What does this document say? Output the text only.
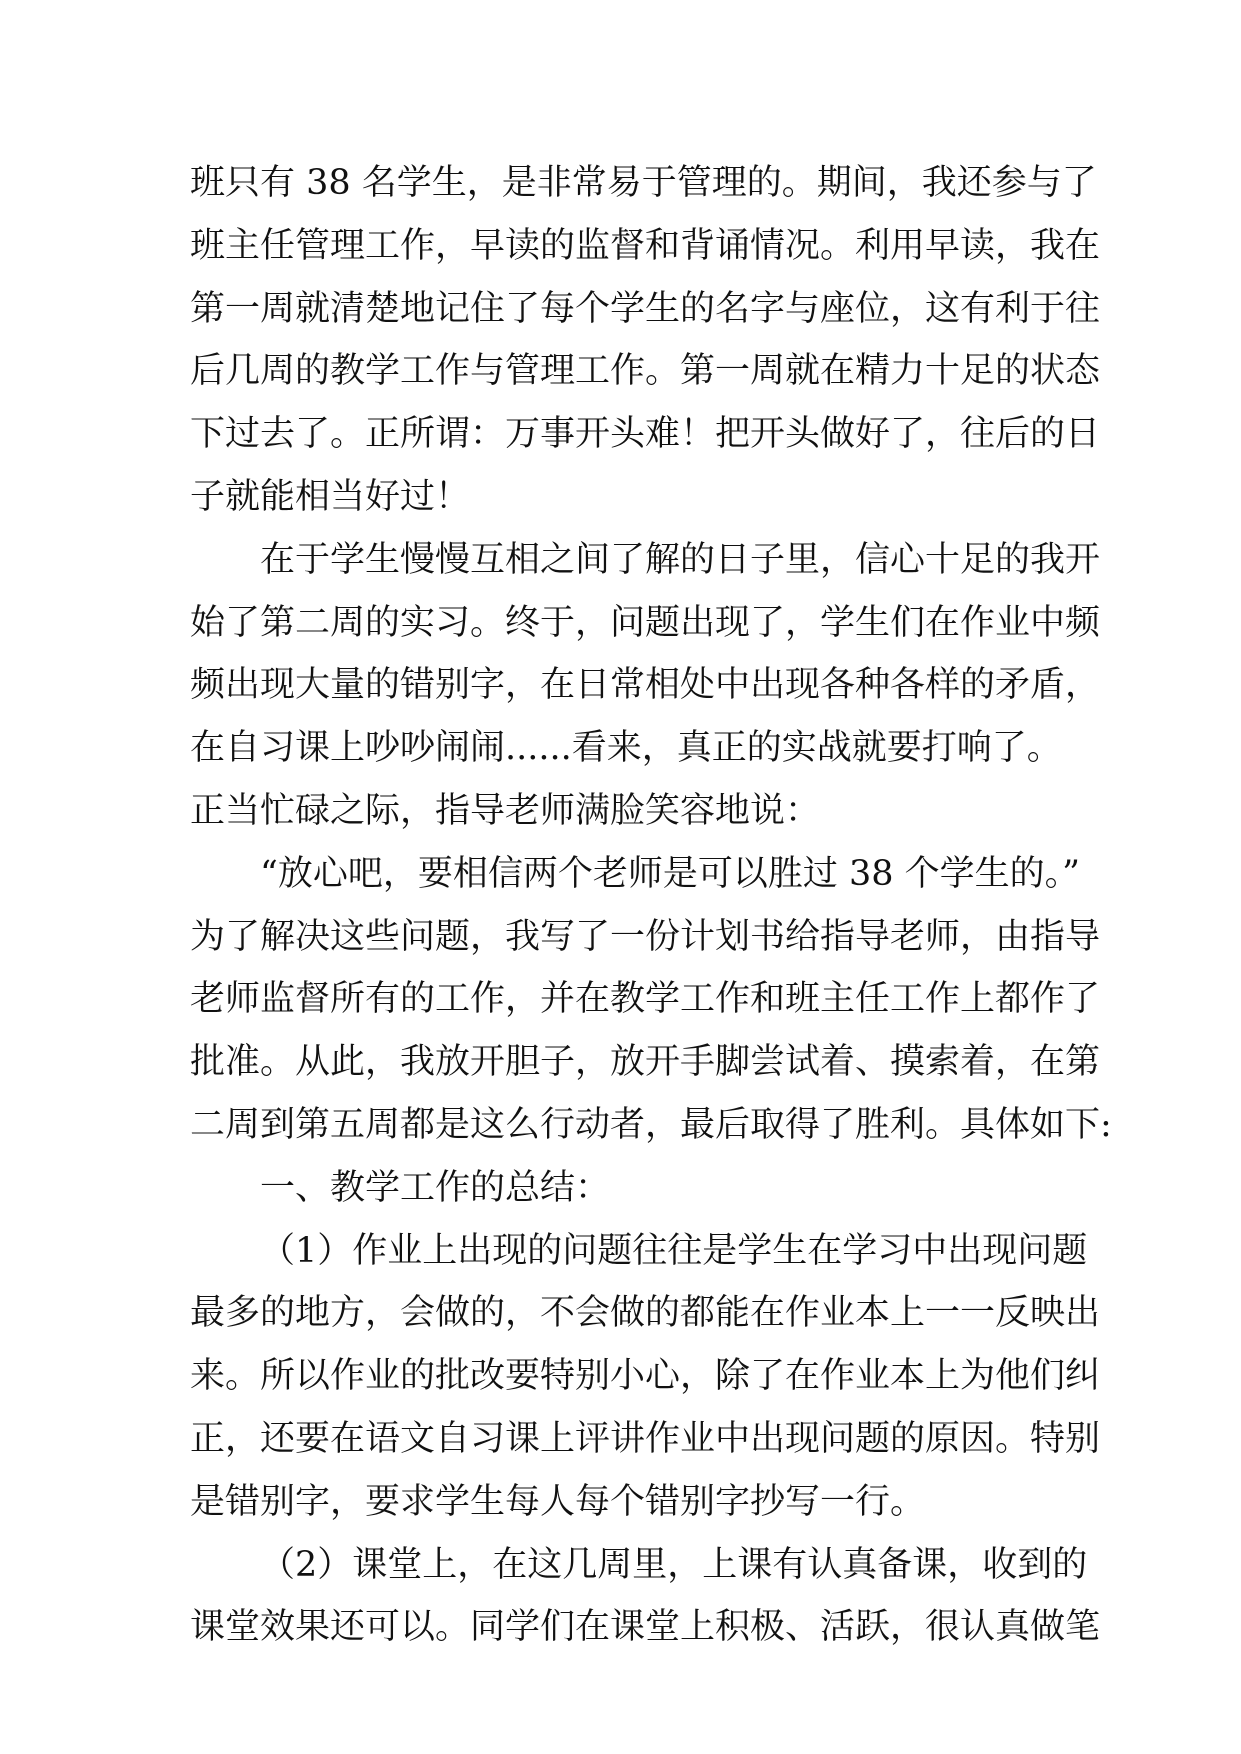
班只有 38 名学生，是非常易于管理的。期间，我还参与了
班主任管理工作，早读的监督和背诵情况。利用早读，我在
第一周就清楚地记住了每个学生的名字与座位，这有利于往
后几周的教学工作与管理工作。第一周就在精力十足的状态
下过去了。正所谓：万事开头难！把开头做好了，往后的日
子就能相当好过！
在于学生慢慢互相之间了解的日子里，信心十足的我开
始了第二周的实习。终于，问题出现了，学生们在作业中频
频出现大量的错别字，在日常相处中出现各种各样的矛盾，
在自习课上吵吵闹闹......看来，真正的实战就要打响了。
正当忙碌之际，指导老师满脸笑容地说：
“放心吧，要相信两个老师是可以胜过 38 个学生的。”
为了解决这些问题，我写了一份计划书给指导老师，由指导
老师监督所有的工作，并在教学工作和班主任工作上都作了
批准。从此，我放开胆子，放开手脚尝试着、摸索着，在第
二周到第五周都是这么行动者，最后取得了胜利。具体如下:
一、教学工作的总结：
（1）作业上出现的问题往往是学生在学习中出现问题
最多的地方，会做的，不会做的都能在作业本上一一反映出
来。所以作业的批改要特别小心，除了在作业本上为他们纠
正，还要在语文自习课上评讲作业中出现问题的原因。特别
是错别字，要求学生每人每个错别字抄写一行。
（2）课堂上，在这几周里，上课有认真备课，收到的
课堂效果还可以。同学们在课堂上积极、活跃，很认真做笔
